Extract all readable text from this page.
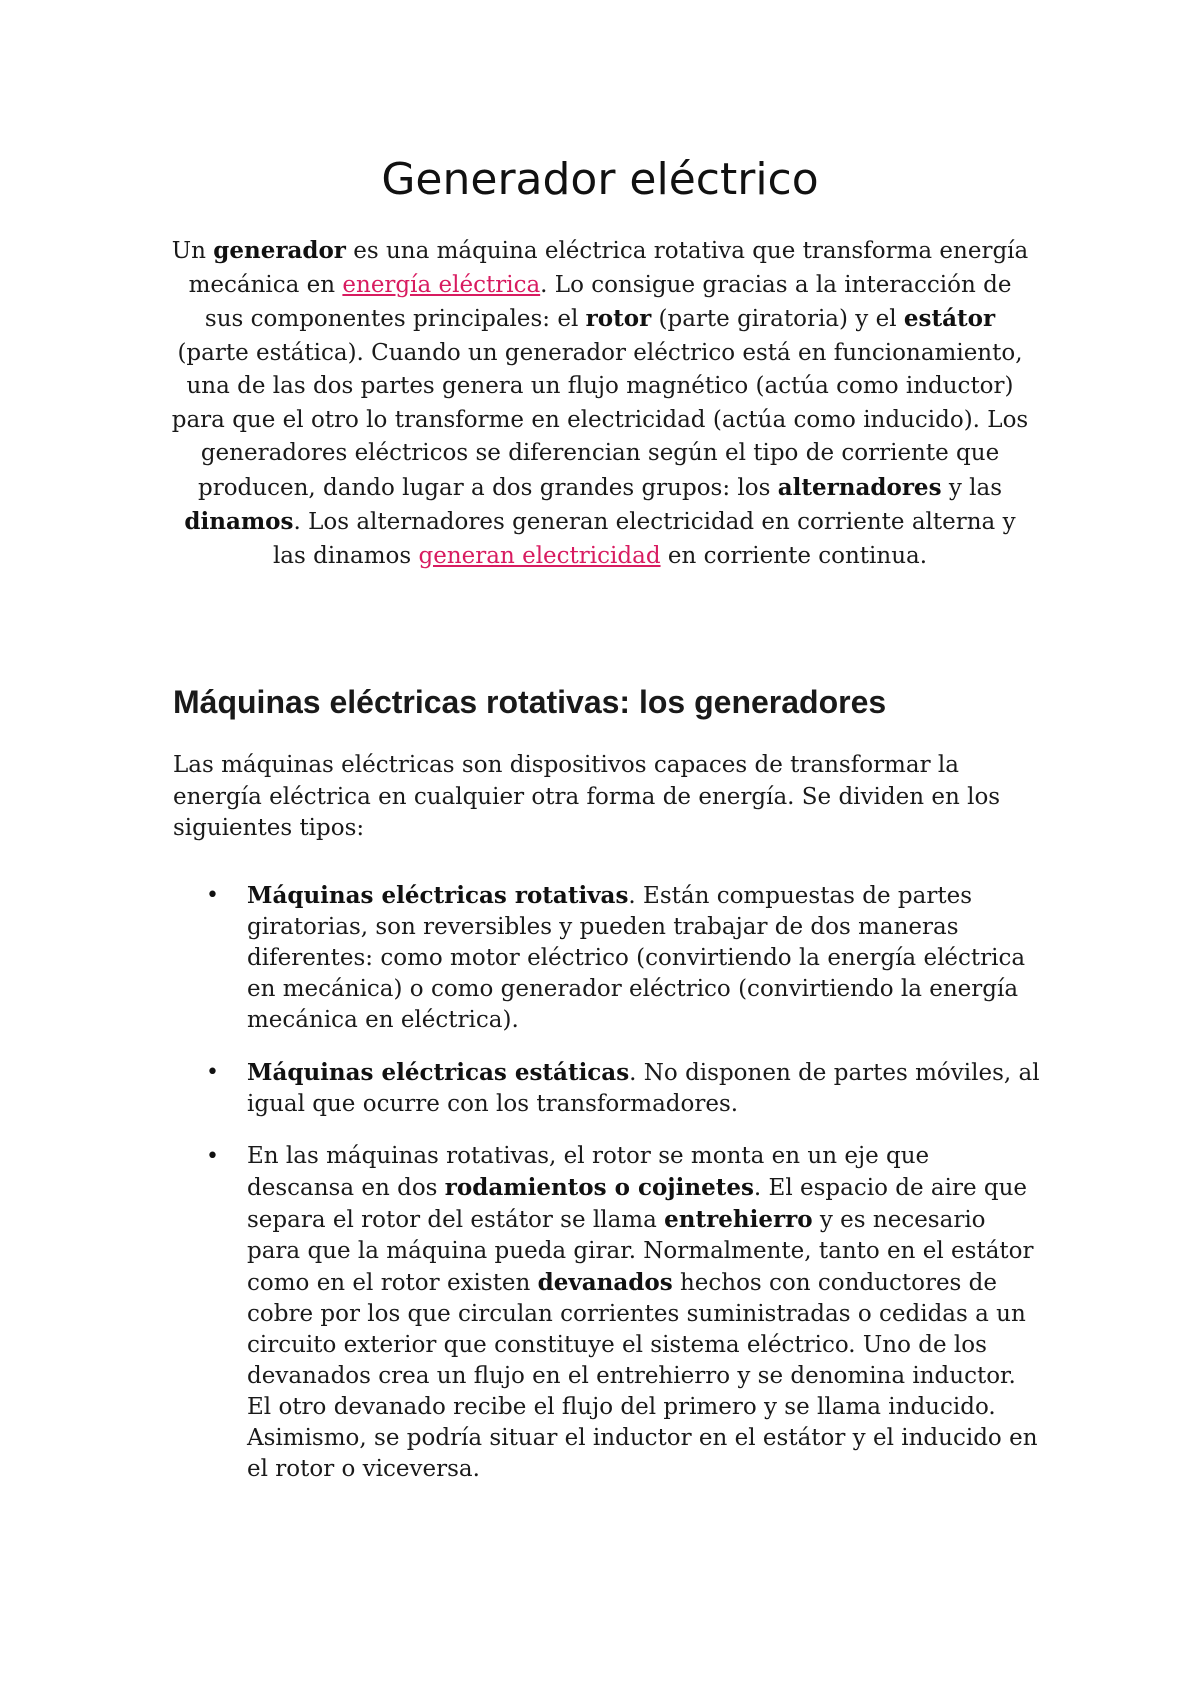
Generador eléctrico

Un generador es una máquina eléctrica rotativa que transforma energía mecánica en energía eléctrica. Lo consigue gracias a la interacción de sus componentes principales: el rotor (parte giratoria) y el estátor (parte estática). Cuando un generador eléctrico está en funcionamiento, una de las dos partes genera un flujo magnético (actúa como inductor) para que el otro lo transforme en electricidad (actúa como inducido). Los generadores eléctricos se diferencian según el tipo de corriente que producen, dando lugar a dos grandes grupos: los alternadores y las dinamos. Los alternadores generan electricidad en corriente alterna y las dinamos generan electricidad en corriente continua.

Máquinas eléctricas rotativas: los generadores

Las máquinas eléctricas son dispositivos capaces de transformar la energía eléctrica en cualquier otra forma de energía. Se dividen en los siguientes tipos:

• Máquinas eléctricas rotativas. Están compuestas de partes giratorias, son reversibles y pueden trabajar de dos maneras diferentes: como motor eléctrico (convirtiendo la energía eléctrica en mecánica) o como generador eléctrico (convirtiendo la energía mecánica en eléctrica).
• Máquinas eléctricas estáticas. No disponen de partes móviles, al igual que ocurre con los transformadores.
• En las máquinas rotativas, el rotor se monta en un eje que descansa en dos rodamientos o cojinetes. El espacio de aire que separa el rotor del estátor se llama entrehierro y es necesario para que la máquina pueda girar. Normalmente, tanto en el estátor como en el rotor existen devanados hechos con conductores de cobre por los que circulan corrientes suministradas o cedidas a un circuito exterior que constituye el sistema eléctrico. Uno de los devanados crea un flujo en el entrehierro y se denomina inductor. El otro devanado recibe el flujo del primero y se llama inducido. Asimismo, se podría situar el inductor en el estátor y el inducido en el rotor o viceversa.
